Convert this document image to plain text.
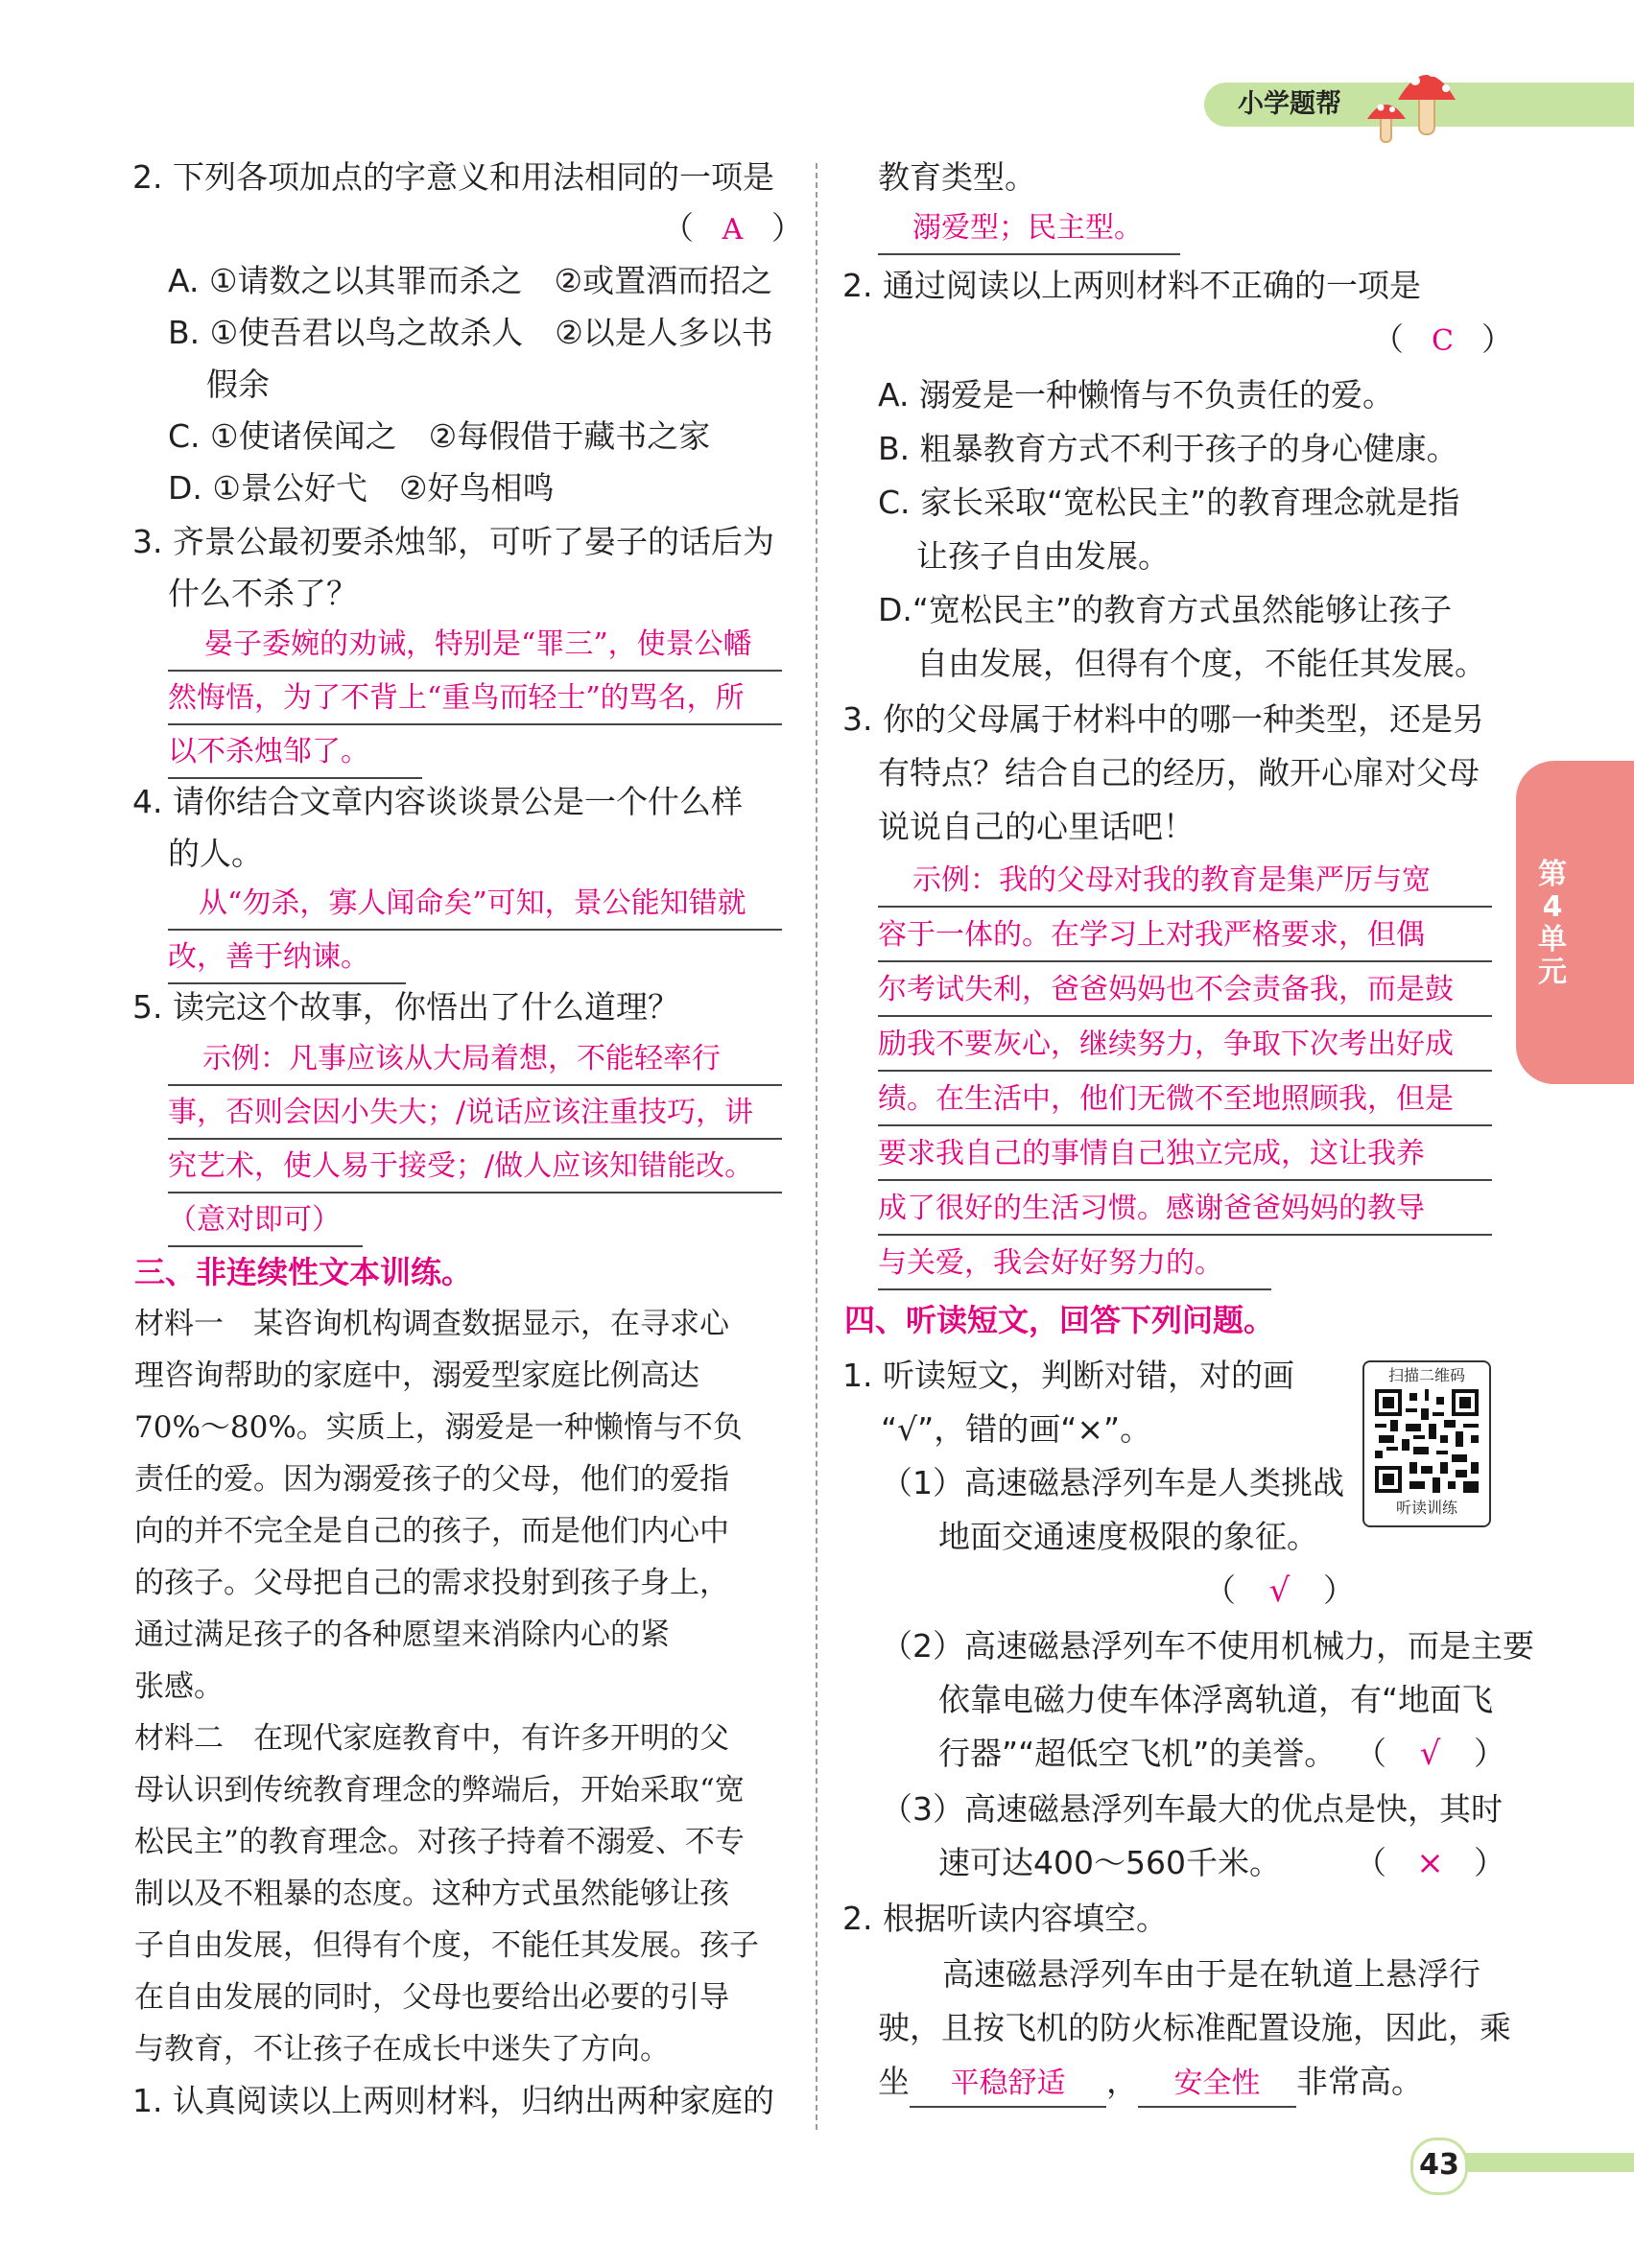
小学题帮
第
4
单
元
43
2. 下列各项加点的字意义和用法相同的一项是
（ A ）
A. ①请数之以其罪而杀之　②或置酒而招之
B. ①使吾君以鸟之故杀人　②以是人多以书
假余
C. ①使诸侯闻之　②每假借于藏书之家
D. ①景公好弋　②好鸟相鸣
3. 齐景公最初要杀烛邹，可听了晏子的话后为
什么不杀了？
晏子委婉的劝诫，特别是“罪三”，使景公幡
然悔悟，为了不背上“重鸟而轻士”的骂名，所
以不杀烛邹了。
4. 请你结合文章内容谈谈景公是一个什么样
的人。
从“勿杀，寡人闻命矣”可知，景公能知错就
改，善于纳谏。
5. 读完这个故事，你悟出了什么道理？
示例：凡事应该从大局着想，不能轻率行
事，否则会因小失大；/说话应该注重技巧，讲
究艺术，使人易于接受；/做人应该知错能改。
（意对即可）
三、非连续性文本训练。
材料一　某咨询机构调查数据显示，在寻求心
理咨询帮助的家庭中，溺爱型家庭比例高达
70%～80%。实质上，溺爱是一种懒惰与不负
责任的爱。因为溺爱孩子的父母，他们的爱指
向的并不完全是自己的孩子，而是他们内心中
的孩子。父母把自己的需求投射到孩子身上，
通过满足孩子的各种愿望来消除内心的紧
张感。
材料二　在现代家庭教育中，有许多开明的父
母认识到传统教育理念的弊端后，开始采取“宽
松民主”的教育理念。对孩子持着不溺爱、不专
制以及不粗暴的态度。这种方式虽然能够让孩
子自由发展，但得有个度，不能任其发展。孩子
在自由发展的同时，父母也要给出必要的引导
与教育，不让孩子在成长中迷失了方向。
1. 认真阅读以上两则材料，归纳出两种家庭的
教育类型。
溺爱型；民主型。
2. 通过阅读以上两则材料不正确的一项是
（ C ）
A. 溺爱是一种懒惰与不负责任的爱。
B. 粗暴教育方式不利于孩子的身心健康。
C. 家长采取“宽松民主”的教育理念就是指
让孩子自由发展。
D.“宽松民主”的教育方式虽然能够让孩子
自由发展，但得有个度，不能任其发展。
3. 你的父母属于材料中的哪一种类型，还是另
有特点？结合自己的经历，敞开心扉对父母
说说自己的心里话吧！
示例：我的父母对我的教育是集严厉与宽
容于一体的。在学习上对我严格要求，但偶
尔考试失利，爸爸妈妈也不会责备我，而是鼓
励我不要灰心，继续努力，争取下次考出好成
绩。在生活中，他们无微不至地照顾我，但是
要求我自己的事情自己独立完成，这让我养
成了很好的生活习惯。感谢爸爸妈妈的教导
与关爱，我会好好努力的。
四、听读短文，回答下列问题。
扫描二维码
听读训练
1. 听读短文，判断对错，对的画
“√”，错的画“×”。
（1）高速磁悬浮列车是人类挑战
地面交通速度极限的象征。
（ √ ）
（2）高速磁悬浮列车不使用机械力，而是主要
依靠电磁力使车体浮离轨道，有“地面飞
行器”“超低空飞机”的美誉。 （ √ ）
（3）高速磁悬浮列车最大的优点是快，其时
速可达400～560千米。 （ × ）
2. 根据听读内容填空。
高速磁悬浮列车由于是在轨道上悬浮行
驶，且按飞机的防火标准配置设施，因此，乘
坐 平稳舒适 ， 安全性 非常高。
